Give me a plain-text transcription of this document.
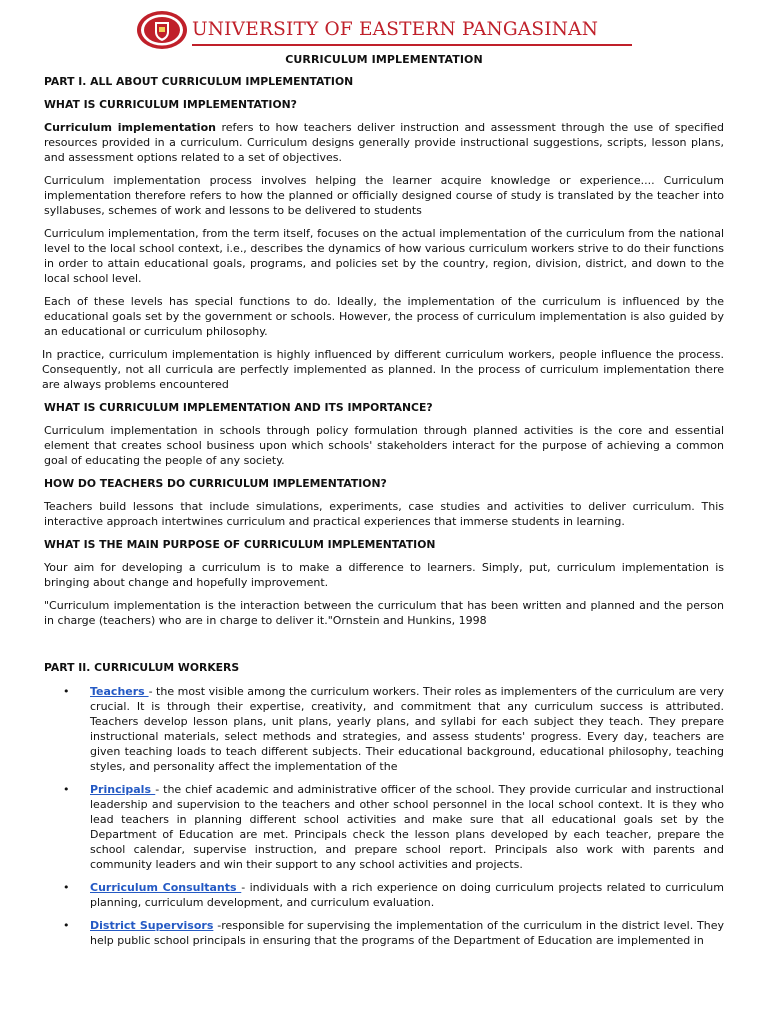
UNIVERSITY OF EASTERN PANGASINAN
CURRICULUM IMPLEMENTATION
PART I. ALL ABOUT CURRICULUM IMPLEMENTATION
WHAT IS CURRICULUM IMPLEMENTATION?

Curriculum implementation refers to how teachers deliver instruction and assessment through the use of specified resources provided in a curriculum. Curriculum designs generally provide instructional suggestions, scripts, lesson plans, and assessment options related to a set of objectives.

Curriculum implementation process involves helping the learner acquire knowledge or experience.... Curriculum implementation therefore refers to how the planned or officially designed course of study is translated by the teacher into syllabuses, schemes of work and lessons to be delivered to students

Curriculum implementation, from the term itself, focuses on the actual implementation of the curriculum from the national level to the local school context, i.e., describes the dynamics of how various curriculum workers strive to do their functions in order to attain educational goals, programs, and policies set by the country, region, division, district, and down to the local school level.

Each of these levels has special functions to do. Ideally, the implementation of the curriculum is influenced by the educational goals set by the government or schools. However, the process of curriculum implementation is also guided by an educational or curriculum philosophy.

In practice, curriculum implementation is highly influenced by different curriculum workers, people influence the process. Consequently, not all curricula are perfectly implemented as planned. In the process of curriculum implementation there are always problems encountered

WHAT IS CURRICULUM IMPLEMENTATION AND ITS IMPORTANCE?

Curriculum implementation in schools through policy formulation through planned activities is the core and essential element that creates school business upon which schools' stakeholders interact for the purpose of achieving a common goal of educating the people of any society.

HOW DO TEACHERS DO CURRICULUM IMPLEMENTATION?

Teachers build lessons that include simulations, experiments, case studies and activities to deliver curriculum. This interactive approach intertwines curriculum and practical experiences that immerse students in learning.

WHAT IS THE MAIN PURPOSE OF CURRICULUM IMPLEMENTATION

Your aim for developing a curriculum is to make a difference to learners. Simply, put, curriculum implementation is bringing about change and hopefully improvement.

"Curriculum implementation is the interaction between the curriculum that has been written and planned and the person in charge (teachers) who are in charge to deliver it."Ornstein and Hunkins, 1998

PART II. CURRICULUM WORKERS
• Teachers - the most visible among the curriculum workers. Their roles as implementers of the curriculum are very crucial. It is through their expertise, creativity, and commitment that any curriculum success is attributed. Teachers develop lesson plans, unit plans, yearly plans, and syllabi for each subject they teach. They prepare instructional materials, select methods and strategies, and assess students' progress. Every day, teachers are given teaching loads to teach different subjects. Their educational background, educational philosophy, teaching styles, and personality affect the implementation of the
• Principals - the chief academic and administrative officer of the school. They provide curricular and instructional leadership and supervision to the teachers and other school personnel in the local school context. It is they who lead teachers in planning different school activities and make sure that all educational goals set by the Department of Education are met. Principals check the lesson plans developed by each teacher, prepare the school calendar, supervise instruction, and prepare school report. Principals also work with parents and community leaders and win their support to any school activities and projects.
• Curriculum Consultants - individuals with a rich experience on doing curriculum projects related to curriculum planning, curriculum development, and curriculum evaluation.
• District Supervisors -responsible for supervising the implementation of the curriculum in the district level. They help public school principals in ensuring that the programs of the Department of Education are implemented in
